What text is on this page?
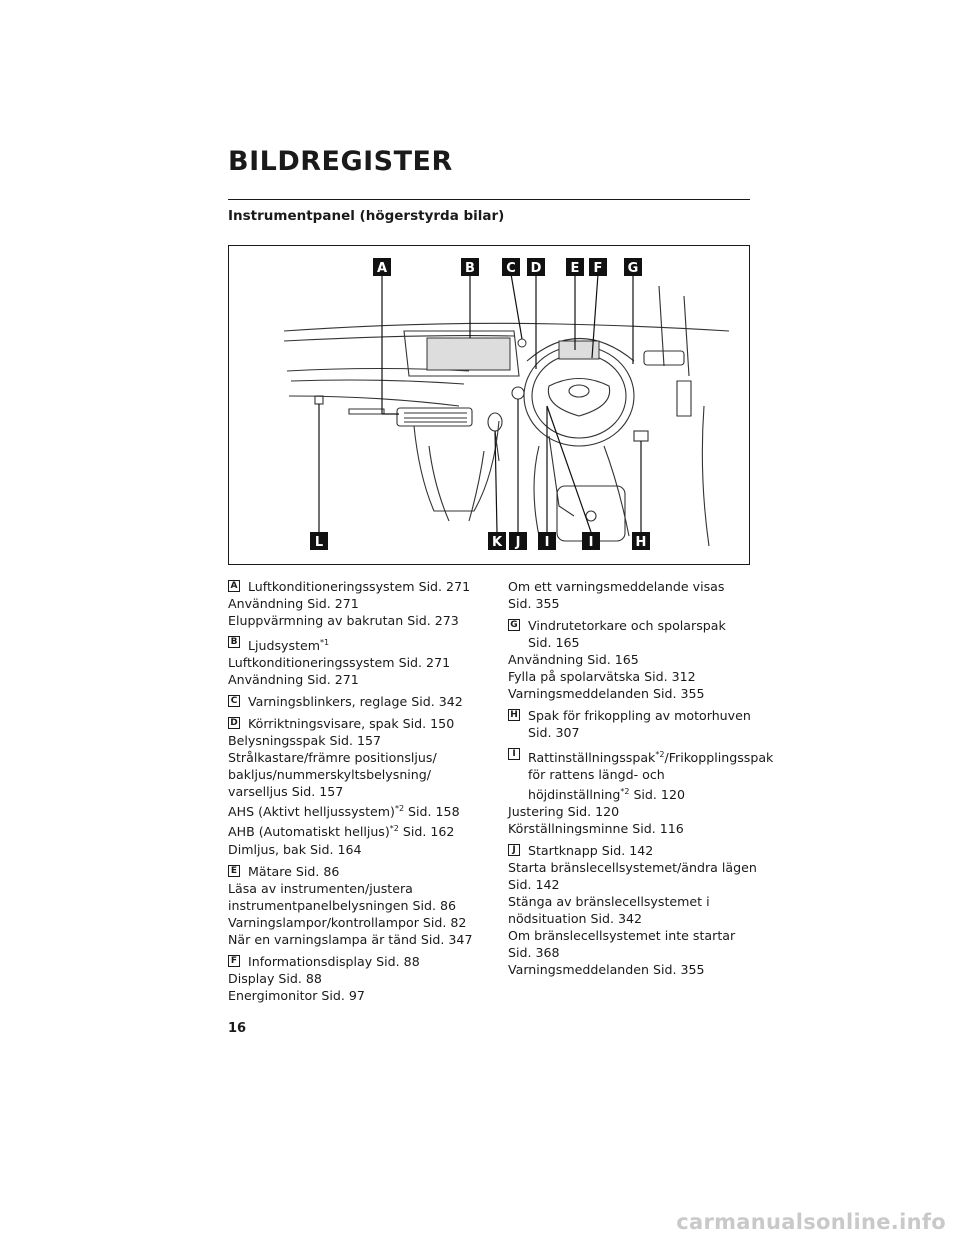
BILDREGISTER
Instrumentpanel (högerstyrda bilar)
A	B C D E F G
L	K J I	I	H
A Luftkonditioneringssystem Sid. 271
Användning Sid. 271
Eluppvärmning av bakrutan Sid. 273
B Ljudsystem$^{*1}$
Luftkonditioneringssystem Sid. 271
Användning Sid. 271
C Varningsblinkers, reglage Sid. 342
D Körriktningsvisare, spak Sid. 150
Belysningsspak Sid. 157
Strålkastare/främre positionsljus/
bakljus/nummerskyltsbelysning/
varselljus Sid. 157
AHS (Aktivt helljussystem)$^{*2}$ Sid. 158
AHB (Automatiskt helljus)$^{*2}$ Sid. 162
Dimljus, bak Sid. 164
E Mätare Sid. 86
Läsa av instrumenten/justera
instrumentpanelbelysningen Sid. 86
Varningslampor/kontrollampor Sid. 82
När en varningslampa är tänd Sid. 347
F Informationsdisplay Sid. 88
Display Sid. 88
Energimonitor Sid. 97
Om ett varningsmeddelande visas
Sid. 355
G Vindrutetorkare och spolarspak
Sid. 165
Användning Sid. 165
Fylla på spolarvätska Sid. 312
Varningsmeddelanden Sid. 355
H Spak för frikoppling av motorhuven
Sid. 307
I Rattinställningsspak$^{*2}$/Frikopplingsspak
för rattens längd- och
höjdinställning$^{*2}$ Sid. 120
Justering Sid. 120
Körställningsminne Sid. 116
J Startknapp Sid. 142
Starta bränslecellsystemet/ändra lägen
Sid. 142
Stänga av bränslecellsystemet i
nödsituation Sid. 342
Om bränslecellsystemet inte startar
Sid. 368
Varningsmeddelanden Sid. 355
16
carmanualsonline.info
